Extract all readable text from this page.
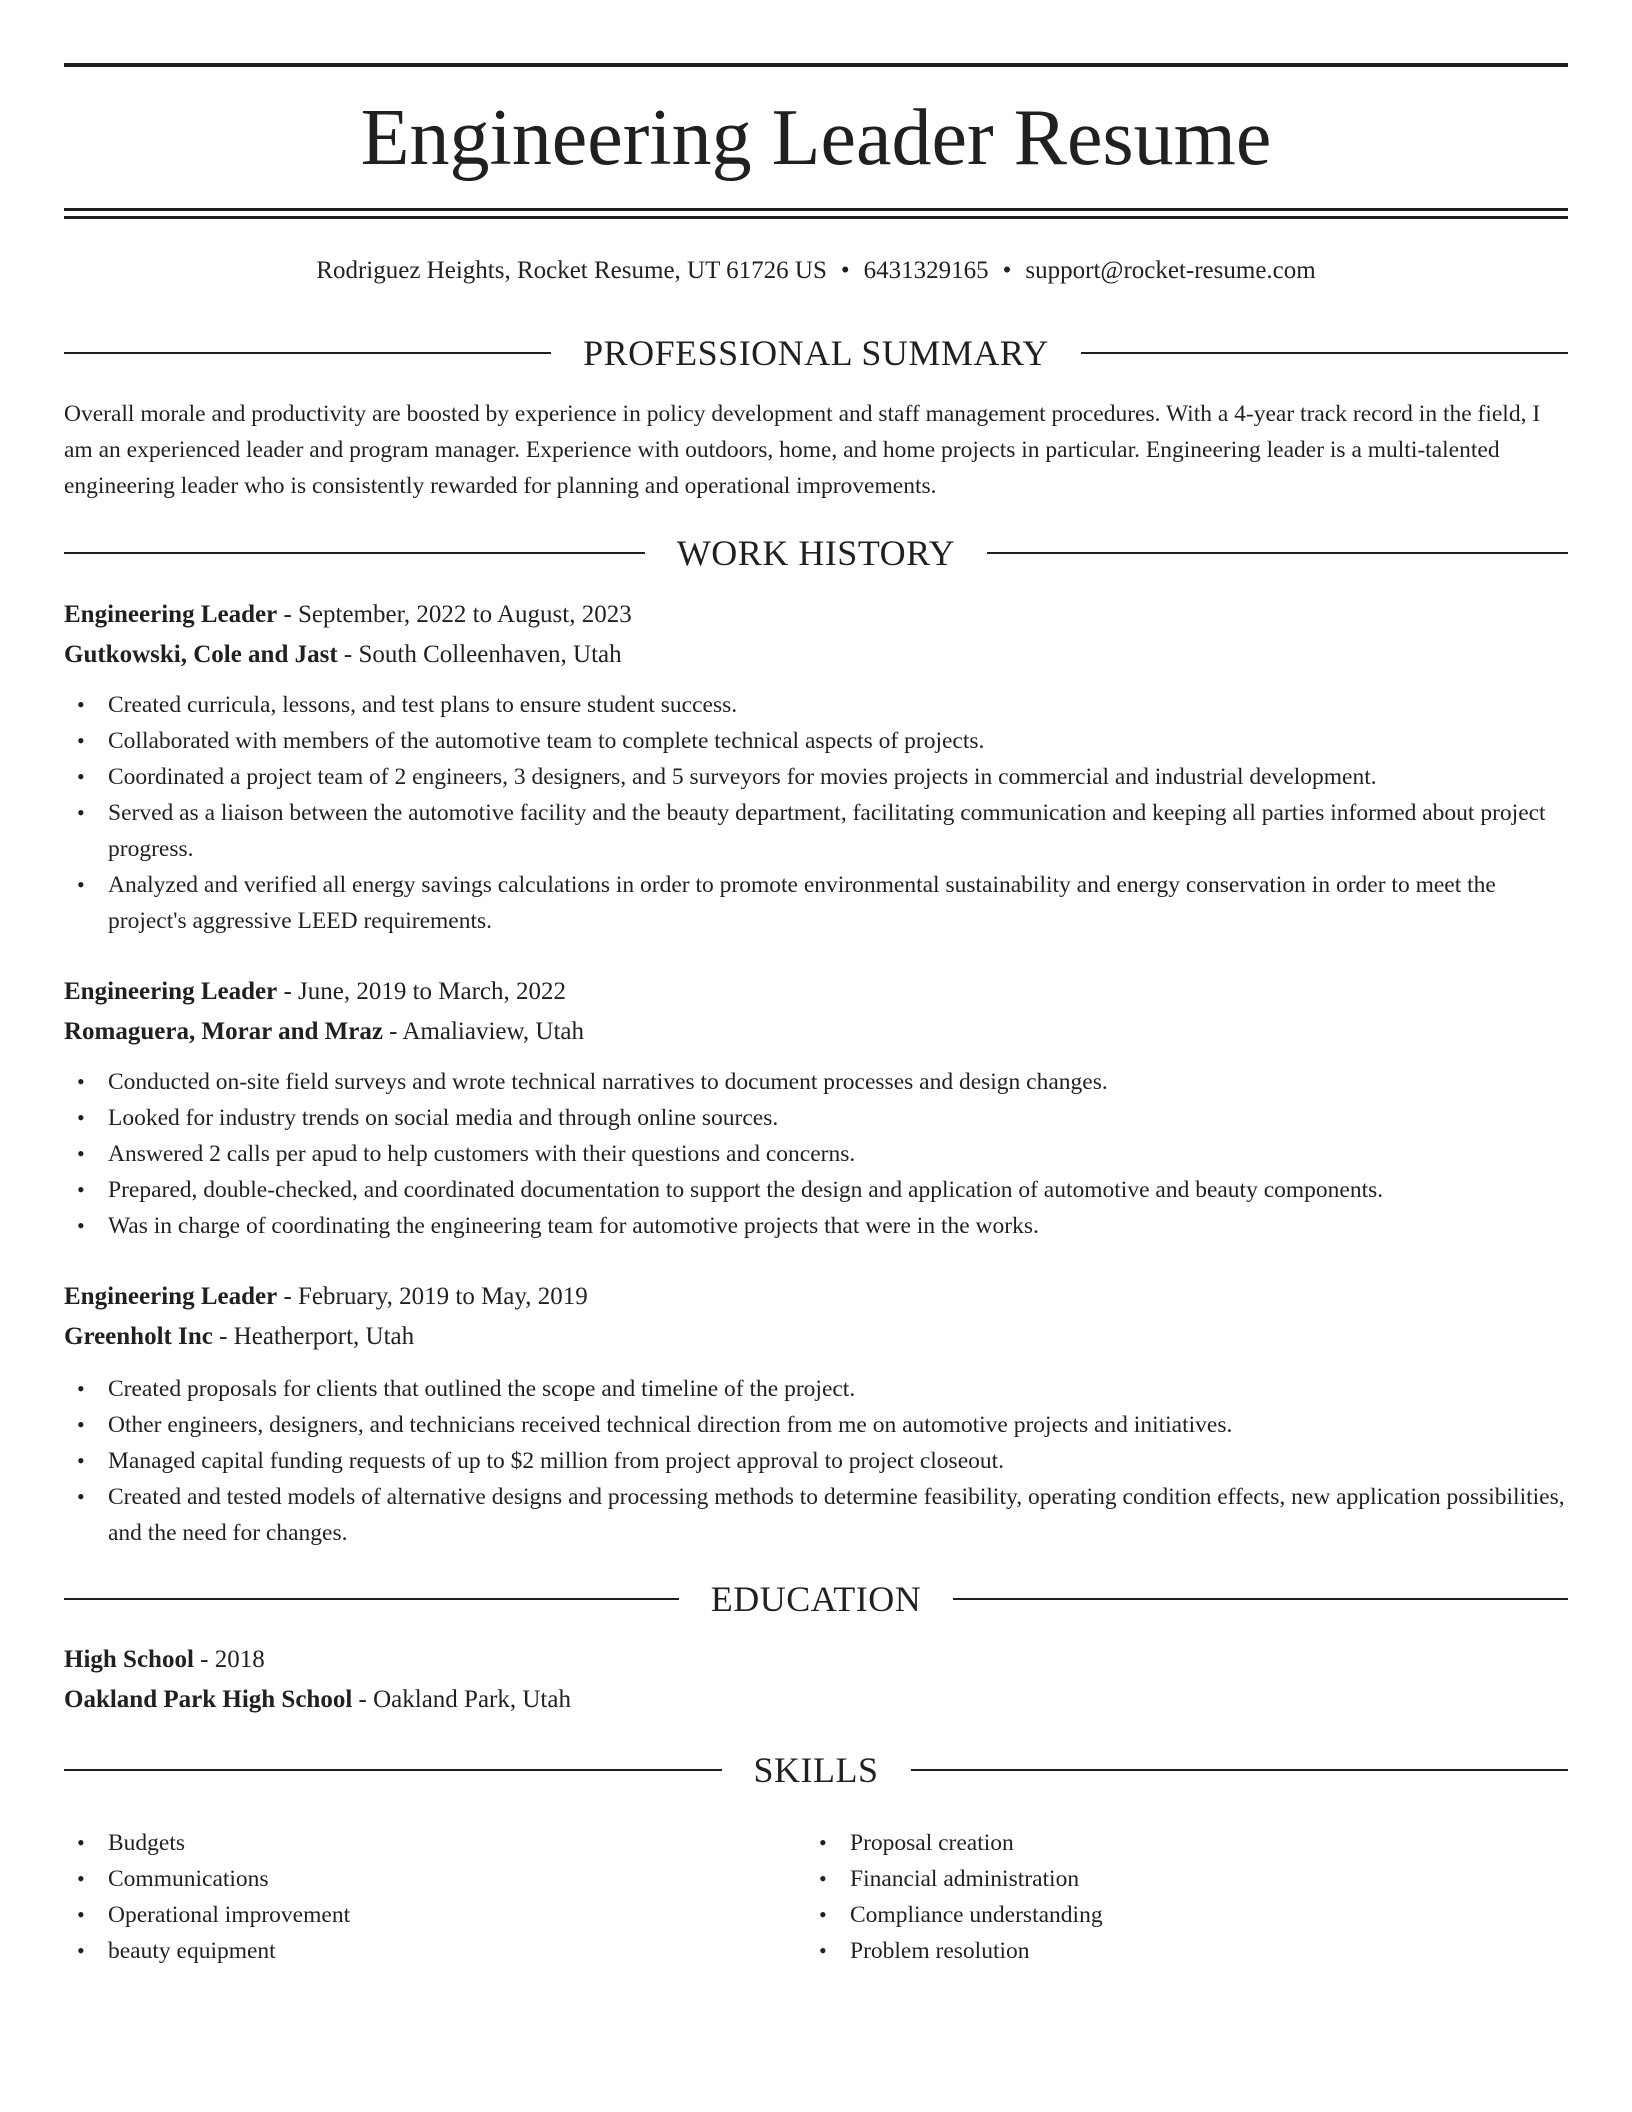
Engineering Leader Resume
Rodriguez Heights, Rocket Resume, UT 61726 US • 6431329165 • support@rocket-resume.com
PROFESSIONAL SUMMARY
Overall morale and productivity are boosted by experience in policy development and staff management procedures. With a 4-year track record in the field, I am an experienced leader and program manager. Experience with outdoors, home, and home projects in particular. Engineering leader is a multi-talented engineering leader who is consistently rewarded for planning and operational improvements.
WORK HISTORY
Engineering Leader - September, 2022 to August, 2023
Gutkowski, Cole and Jast - South Colleenhaven, Utah
• Created curricula, lessons, and test plans to ensure student success.
• Collaborated with members of the automotive team to complete technical aspects of projects.
• Coordinated a project team of 2 engineers, 3 designers, and 5 surveyors for movies projects in commercial and industrial development.
• Served as a liaison between the automotive facility and the beauty department, facilitating communication and keeping all parties informed about project progress.
• Analyzed and verified all energy savings calculations in order to promote environmental sustainability and energy conservation in order to meet the project's aggressive LEED requirements.
Engineering Leader - June, 2019 to March, 2022
Romaguera, Morar and Mraz - Amaliaview, Utah
• Conducted on-site field surveys and wrote technical narratives to document processes and design changes.
• Looked for industry trends on social media and through online sources.
• Answered 2 calls per apud to help customers with their questions and concerns.
• Prepared, double-checked, and coordinated documentation to support the design and application of automotive and beauty components.
• Was in charge of coordinating the engineering team for automotive projects that were in the works.
Engineering Leader - February, 2019 to May, 2019
Greenholt Inc - Heatherport, Utah
• Created proposals for clients that outlined the scope and timeline of the project.
• Other engineers, designers, and technicians received technical direction from me on automotive projects and initiatives.
• Managed capital funding requests of up to $2 million from project approval to project closeout.
• Created and tested models of alternative designs and processing methods to determine feasibility, operating condition effects, new application possibilities, and the need for changes.
EDUCATION
High School - 2018
Oakland Park High School - Oakland Park, Utah
SKILLS
• Budgets
• Communications
• Operational improvement
• beauty equipment
• Proposal creation
• Financial administration
• Compliance understanding
• Problem resolution
